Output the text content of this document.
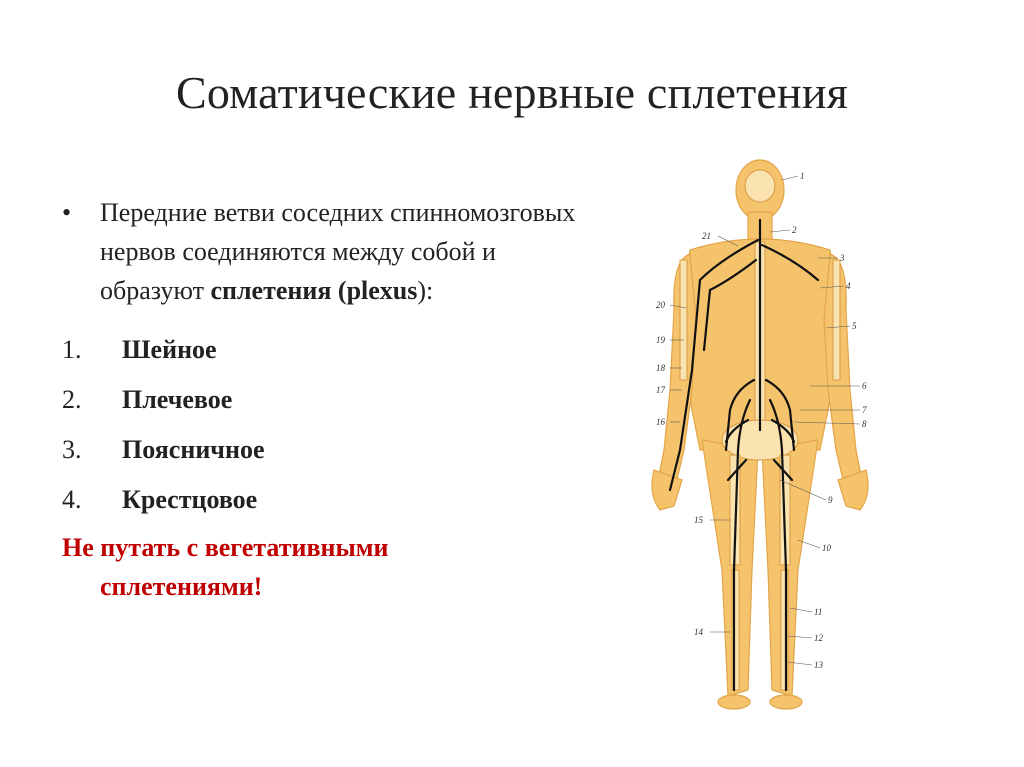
Соматические нервные сплетения
•	Передние ветви соседних спинномозговых нервов соединяются между собой и образуют сплетения (plexus):
1.	Шейное
2.	Плечевое
3.	Поясничное
4.	Крестцовое
Не путать с вегетативными
сплетениями!
1
2
3
4
5
6
7
8
9
10
11
12
13
21
20
19
18
17
16
15
14
